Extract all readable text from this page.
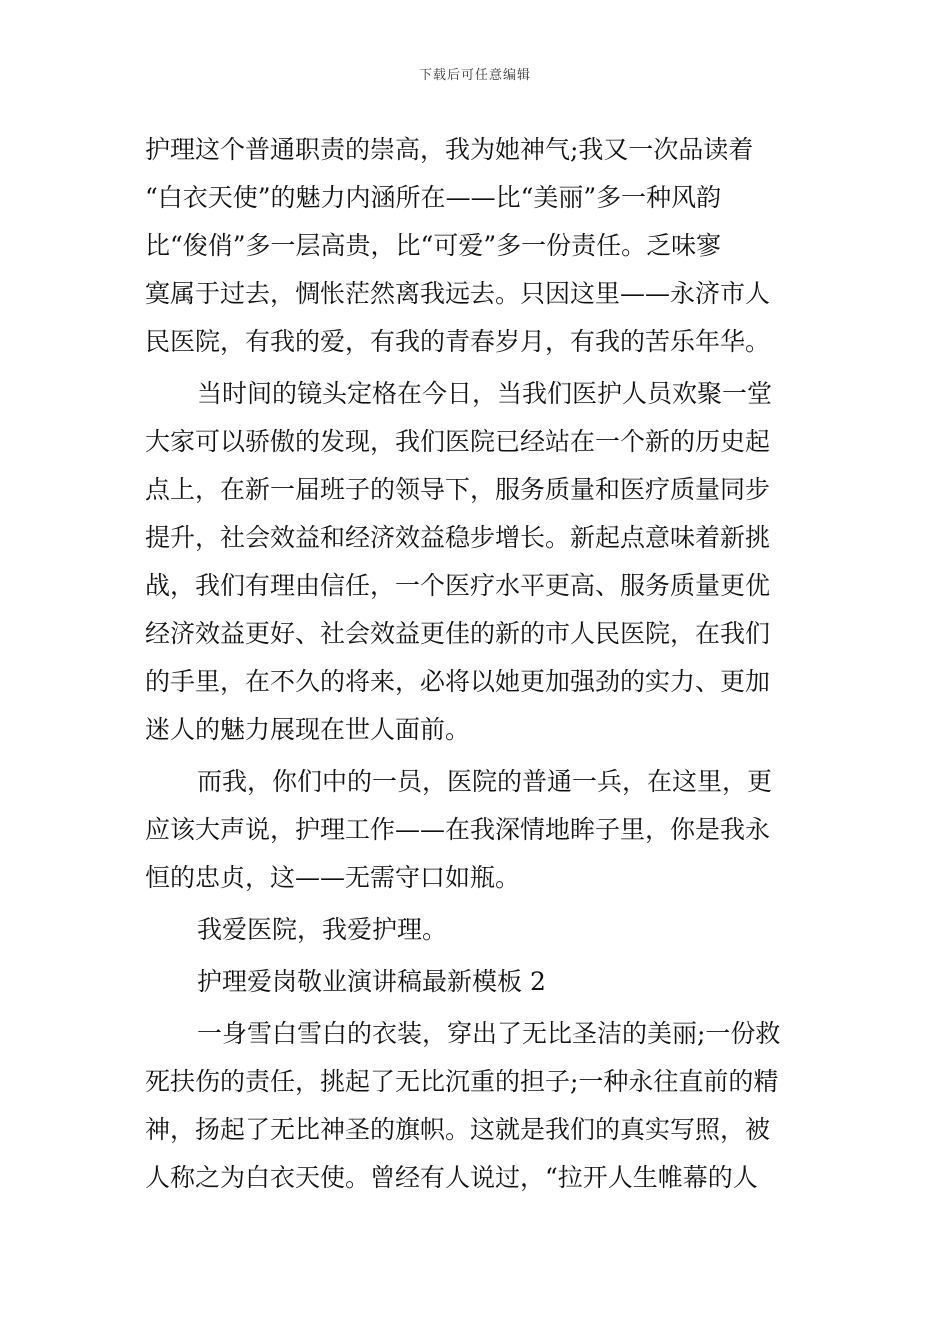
下载后可任意编辑
护理这个普通职责的崇高，我为她神气;我又一次品读着
“白衣天使”的魅力内涵所在——比“美丽”多一种风韵
比“俊俏”多一层高贵，比“可爱”多一份责任。乏味寥
寞属于过去，惆怅茫然离我远去。只因这里——永济市人
民医院，有我的爱，有我的青春岁月，有我的苦乐年华。
当时间的镜头定格在今日，当我们医护人员欢聚一堂
大家可以骄傲的发现，我们医院已经站在一个新的历史起
点上，在新一届班子的领导下，服务质量和医疗质量同步
提升，社会效益和经济效益稳步增长。新起点意味着新挑
战，我们有理由信任，一个医疗水平更高、服务质量更优
经济效益更好、社会效益更佳的新的市人民医院，在我们
的手里，在不久的将来，必将以她更加强劲的实力、更加
迷人的魅力展现在世人面前。
而我，你们中的一员，医院的普通一兵，在这里，更
应该大声说，护理工作——在我深情地眸子里，你是我永
恒的忠贞，这——无需守口如瓶。
我爱医院，我爱护理。
护理爱岗敬业演讲稿最新模板 2
一身雪白雪白的衣装，穿出了无比圣洁的美丽;一份救
死扶伤的责任，挑起了无比沉重的担子;一种永往直前的精
神，扬起了无比神圣的旗帜。这就是我们的真实写照，被
人称之为白衣天使。曾经有人说过，“拉开人生帷幕的人
